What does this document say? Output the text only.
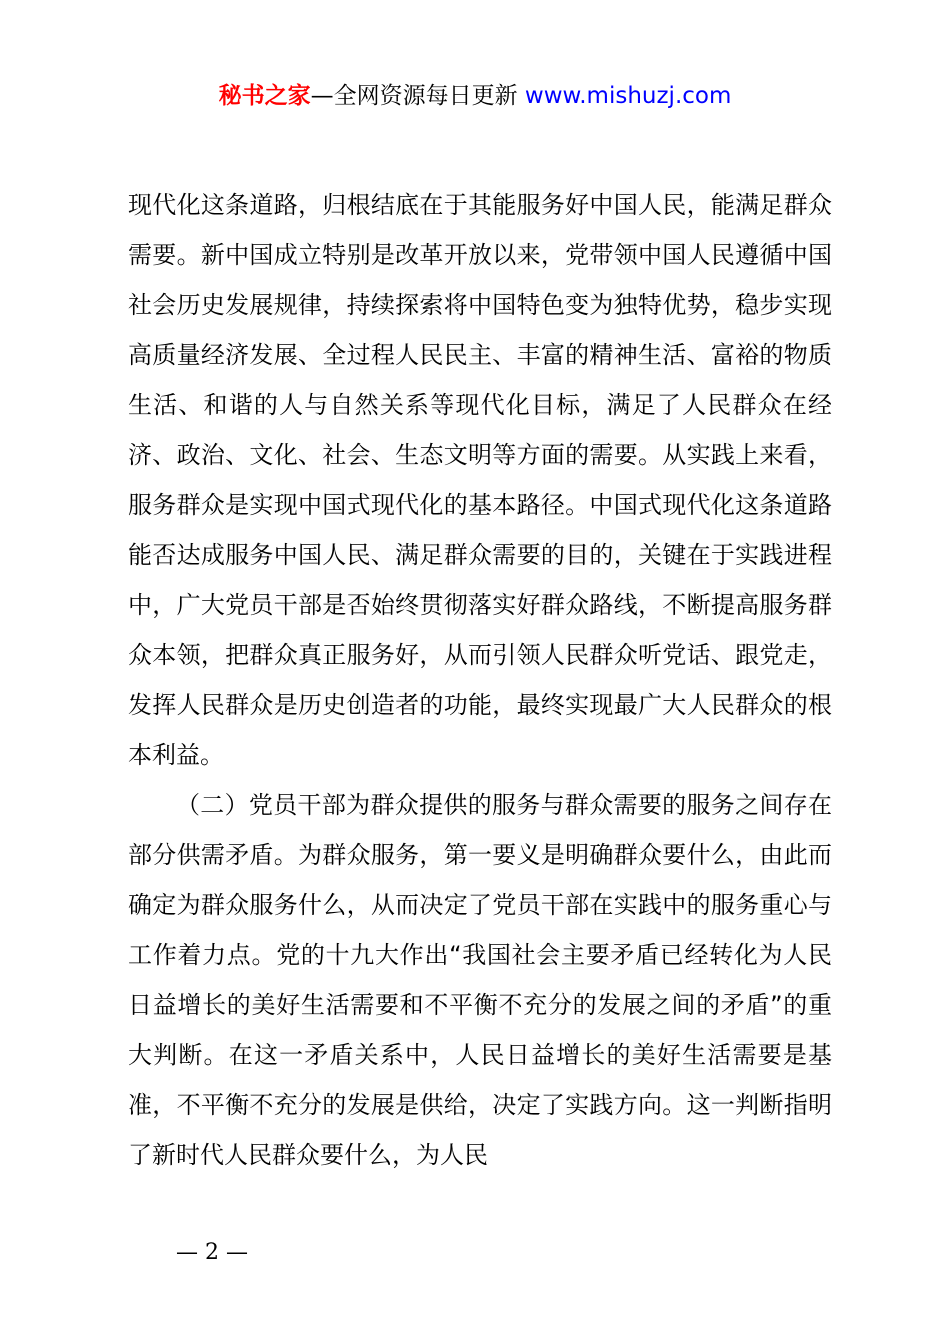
秘书之家—全网资源每日更新 www.mishuzj.com

现代化这条道路，归根结底在于其能服务好中国人民，能满足群众需要。新中国成立特别是改革开放以来，党带领中国人民遵循中国社会历史发展规律，持续探索将中国特色变为独特优势，稳步实现高质量经济发展、全过程人民民主、丰富的精神生活、富裕的物质生活、和谐的人与自然关系等现代化目标，满足了人民群众在经济、政治、文化、社会、生态文明等方面的需要。从实践上来看，服务群众是实现中国式现代化的基本路径。中国式现代化这条道路能否达成服务中国人民、满足群众需要的目的，关键在于实践进程中，广大党员干部是否始终贯彻落实好群众路线，不断提高服务群众本领，把群众真正服务好，从而引领人民群众听党话、跟党走，发挥人民群众是历史创造者的功能，最终实现最广大人民群众的根本利益。

（二）党员干部为群众提供的服务与群众需要的服务之间存在部分供需矛盾。为群众服务，第一要义是明确群众要什么，由此而确定为群众服务什么，从而决定了党员干部在实践中的服务重心与工作着力点。党的十九大作出“我国社会主要矛盾已经转化为人民日益增长的美好生活需要和不平衡不充分的发展之间的矛盾”的重大判断。在这一矛盾关系中，人民日益增长的美好生活需要是基准，不平衡不充分的发展是供给，决定了实践方向。这一判断指明了新时代人民群众要什么，为人民

— 2 —
